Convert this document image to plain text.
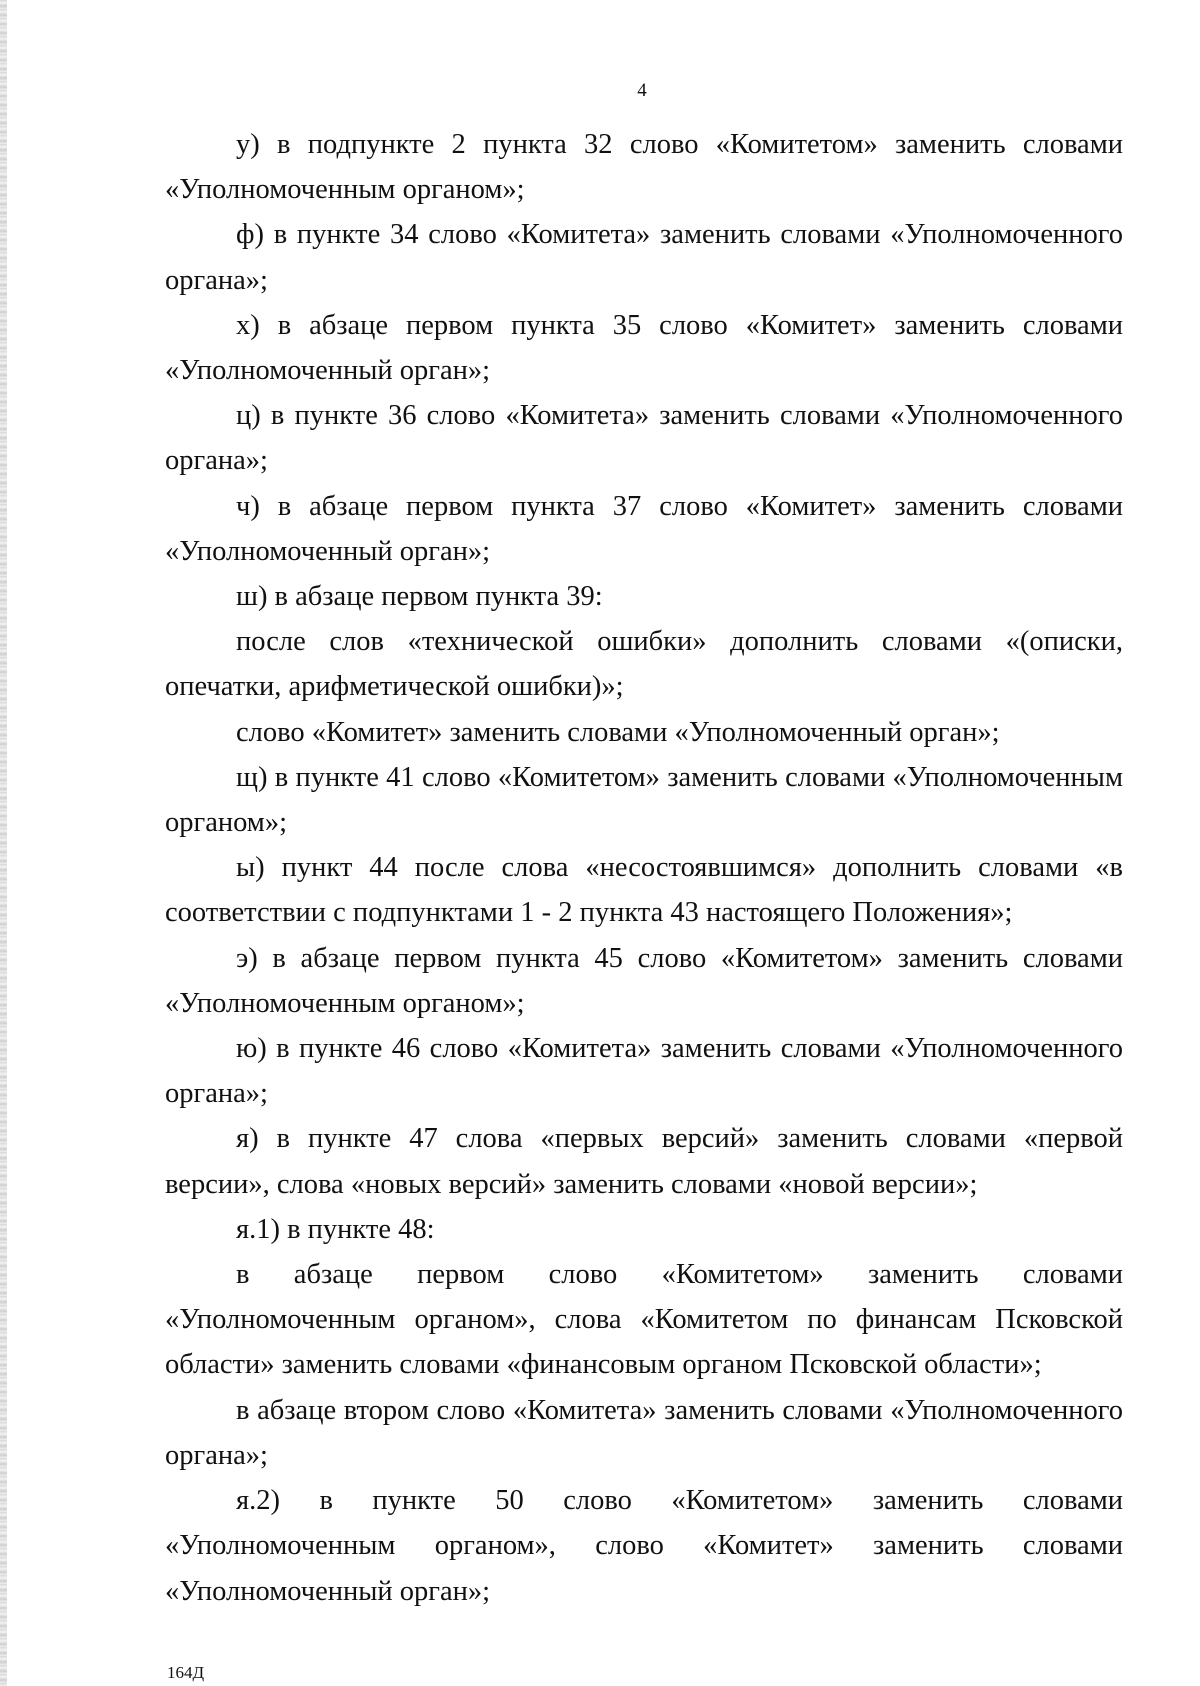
4

у) в подпункте 2 пункта 32 слово «Комитетом» заменить словами «Уполномоченным органом»;

ф) в пункте 34 слово «Комитета» заменить словами «Уполномоченного органа»;

х) в абзаце первом пункта 35 слово «Комитет» заменить словами «Уполномоченный орган»;

ц) в пункте 36 слово «Комитета» заменить словами «Уполномоченного органа»;

ч) в абзаце первом пункта 37 слово «Комитет» заменить словами «Уполномоченный орган»;

ш) в абзаце первом пункта 39:

после слов «технической ошибки» дополнить словами «(описки, опечатки, арифметической ошибки)»;

слово «Комитет» заменить словами «Уполномоченный орган»;

щ) в пункте 41 слово «Комитетом» заменить словами «Уполномоченным органом»;

ы) пункт 44 после слова «несостоявшимся» дополнить словами «в соответствии с подпунктами 1 - 2 пункта 43 настоящего Положения»;

э) в абзаце первом пункта 45 слово «Комитетом» заменить словами «Уполномоченным органом»;

ю) в пункте 46 слово «Комитета» заменить словами «Уполномоченного органа»;

я) в пункте 47 слова «первых версий» заменить словами «первой версии», слова «новых версий» заменить словами «новой версии»;

я.1) в пункте 48:

в абзаце первом слово «Комитетом» заменить словами «Уполномоченным органом», слова «Комитетом по финансам Псковской области» заменить словами «финансовым органом Псковской области»;

в абзаце втором слово «Комитета» заменить словами «Уполномоченного органа»;

я.2) в пункте 50 слово «Комитетом» заменить словами «Уполномоченным органом», слово «Комитет» заменить словами «Уполномоченный орган»;

164Д
